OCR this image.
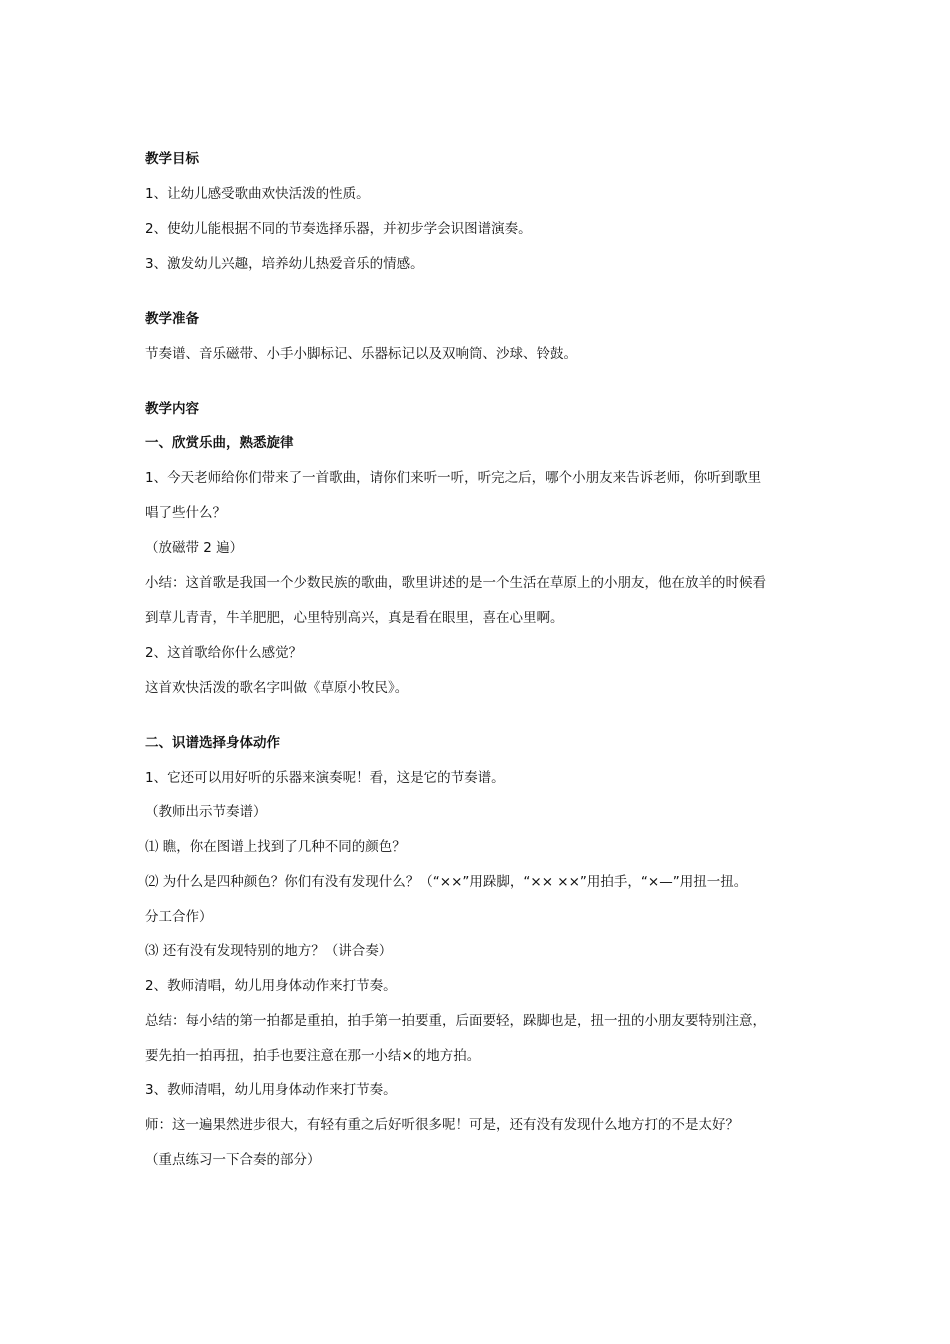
教学目标
1、让幼儿感受歌曲欢快活泼的性质。
2、使幼儿能根据不同的节奏选择乐器，并初步学会识图谱演奏。
3、激发幼儿兴趣，培养幼儿热爱音乐的情感。
教学准备
节奏谱、音乐磁带、小手小脚标记、乐器标记以及双响筒、沙球、铃鼓。
教学内容
一、欣赏乐曲，熟悉旋律
1、今天老师给你们带来了一首歌曲，请你们来听一听，听完之后，哪个小朋友来告诉老师，你听到歌里
唱了些什么？
（放磁带 2 遍）
小结：这首歌是我国一个少数民族的歌曲，歌里讲述的是一个生活在草原上的小朋友，他在放羊的时候看
到草儿青青，牛羊肥肥，心里特别高兴，真是看在眼里，喜在心里啊。
2、这首歌给你什么感觉？
这首欢快活泼的歌名字叫做《草原小牧民》。
二、识谱选择身体动作
1、它还可以用好听的乐器来演奏呢！看，这是它的节奏谱。
（教师出示节奏谱）
⑴ 瞧，你在图谱上找到了几种不同的颜色？
⑵ 为什么是四种颜色？你们有没有发现什么？（“××”用跺脚，“×× ××”用拍手，“×—”用扭一扭。
分工合作）
⑶ 还有没有发现特别的地方？（讲合奏）
2、教师清唱，幼儿用身体动作来打节奏。
总结：每小结的第一拍都是重拍，拍手第一拍要重，后面要轻，跺脚也是，扭一扭的小朋友要特别注意，
要先拍一拍再扭，拍手也要注意在那一小结×的地方拍。
3、教师清唱，幼儿用身体动作来打节奏。
师：这一遍果然进步很大，有轻有重之后好听很多呢！可是，还有没有发现什么地方打的不是太好？
（重点练习一下合奏的部分）
